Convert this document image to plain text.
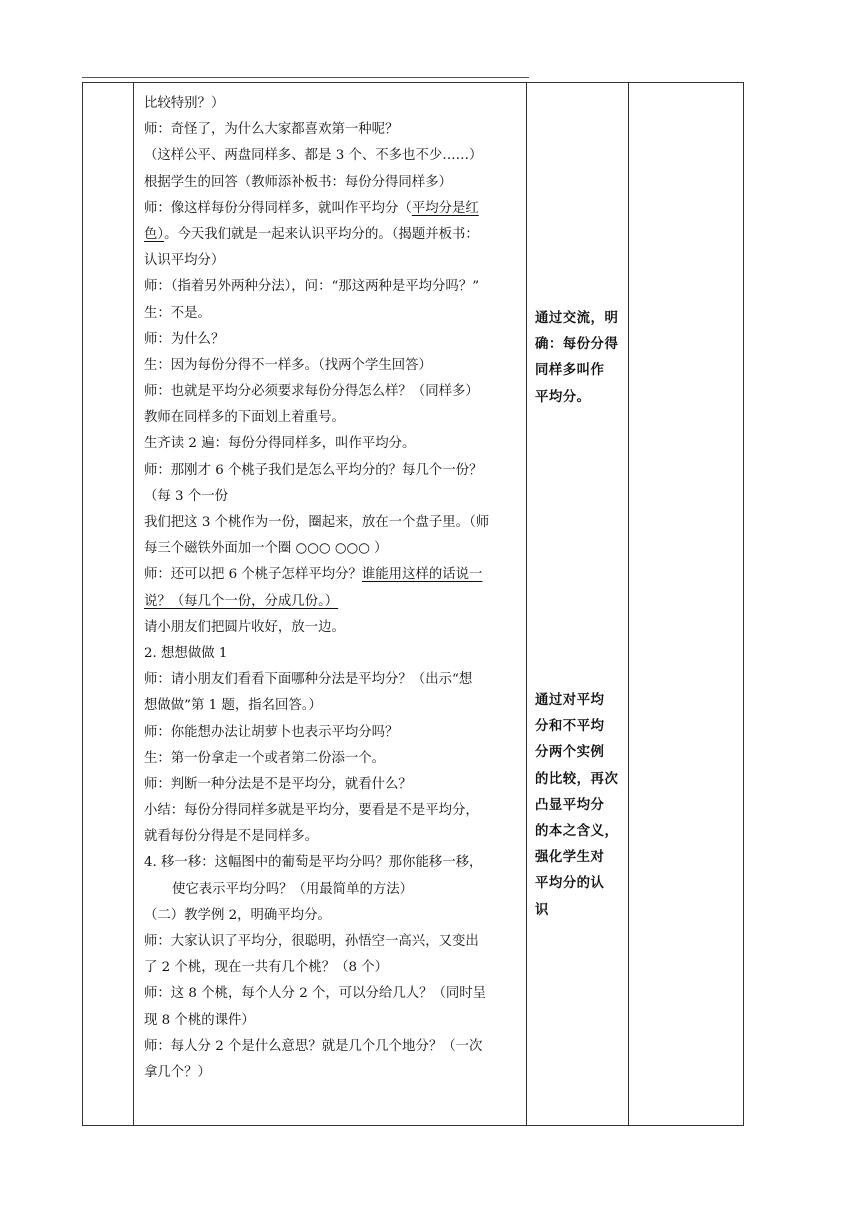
比较特别？）
师：奇怪了，为什么大家都喜欢第一种呢？
（这样公平、两盘同样多、都是 3 个、不多也不少……）
根据学生的回答（教师添补板书：每份分得同样多）
师：像这样每份分得同样多，就叫作平均分（平均分是红
色）。今天我们就是一起来认识平均分的。（揭题并板书：
认识平均分）
师：（指着另外两种分法），问：“那这两种是平均分吗？”
生：不是。
师：为什么？
生：因为每份分得不一样多。（找两个学生回答）
师：也就是平均分必须要求每份分得怎么样？（同样多）
教师在同样多的下面划上着重号。
生齐读 2 遍：每份分得同样多，叫作平均分。
师：那刚才 6 个桃子我们是怎么平均分的？每几个一份？
（每 3 个一份
我们把这 3 个桃作为一份，圈起来，放在一个盘子里。（师
每三个磁铁外面加一个圈 ○○○ ○○○ ）
师：还可以把 6 个桃子怎样平均分？谁能用这样的话说一
说？（每几个一份，分成几份。）
请小朋友们把圆片收好，放一边。
2. 想想做做 1
师：请小朋友们看看下面哪种分法是平均分？（出示“想
想做做”第 1 题，指名回答。）
师：你能想办法让胡萝卜也表示平均分吗？
生：第一份拿走一个或者第二份添一个。
师：判断一种分法是不是平均分，就看什么？
小结：每份分得同样多就是平均分，要看是不是平均分，
就看每份分得是不是同样多。
4. 移一移：这幅图中的葡萄是平均分吗？那你能移一移，
使它表示平均分吗？（用最简单的方法）
（二）教学例 2，明确平均分。
师：大家认识了平均分，很聪明，孙悟空一高兴，又变出
了 2 个桃，现在一共有几个桃？（8 个）
师：这 8 个桃，每个人分 2 个，可以分给几人？（同时呈
现 8 个桃的课件）
师：每人分 2 个是什么意思？就是几个几个地分？（一次
拿几个？）
通过交流，明
确：每份分得
同样多叫作
平均分。
通过对平均
分和不平均
分两个实例
的比较，再次
凸显平均分
的本之含义，
强化学生对
平均分的认
识
